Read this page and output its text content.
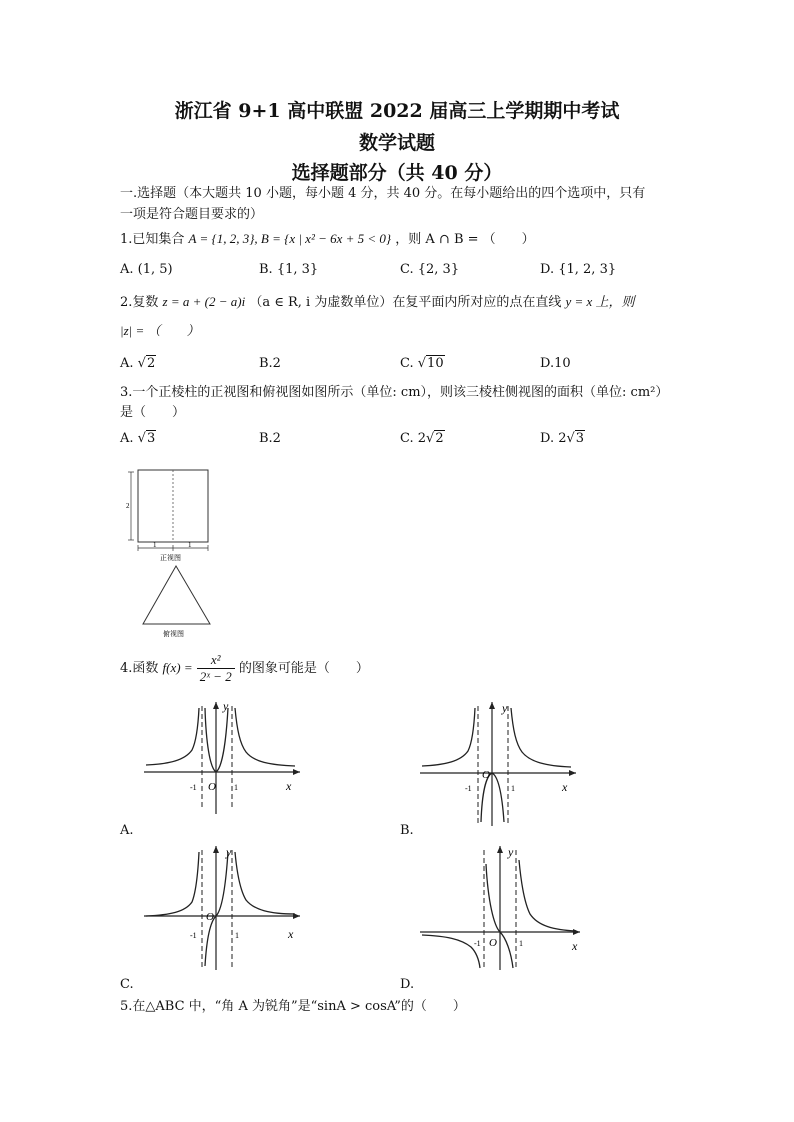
浙江省 9+1 高中联盟 2022 届高三上学期期中考试
数学试题
选择题部分（共 40 分）
一.选择题（本大题共 10 小题，每小题 4 分，共 40 分。在每小题给出的四个选项中，只有
一项是符合题目要求的）
1.已知集合 A = {1, 2, 3}, B = {x | x² − 6x + 5 < 0} ，则 A ∩ B = （　　）
A. (1, 5)	B. {1, 3}	C. {2, 3}	D. {1, 2, 3}
2.复数 z = a + (2 − a)i （a ∈ R, i 为虚数单位）在复平面内所对应的点在直线 y = x 上，则
|z| = （　　）
A. √2	B.2	C. √10	D.10
3.一个正棱柱的正视图和俯视图如图所示（单位: cm），则该三棱柱侧视图的面积（单位: cm²）
是（　　）
A. √3	B.2	C. 2√2	D. 2√3
2
1	1
正视图
俯视图
4.函数 $f(x) = \frac{\text{x²}}{\text{2ˣ − 2}}$ 的图象可能是（　　）
y
x
O
-1	1
A.
y
x
O
-1	1
B.
y
x
O
-1	1
C.
y
x
O
-1	1
D.
5.在△ABC 中，“角 A 为锐角”是“sinA > cosA”的（　　）
